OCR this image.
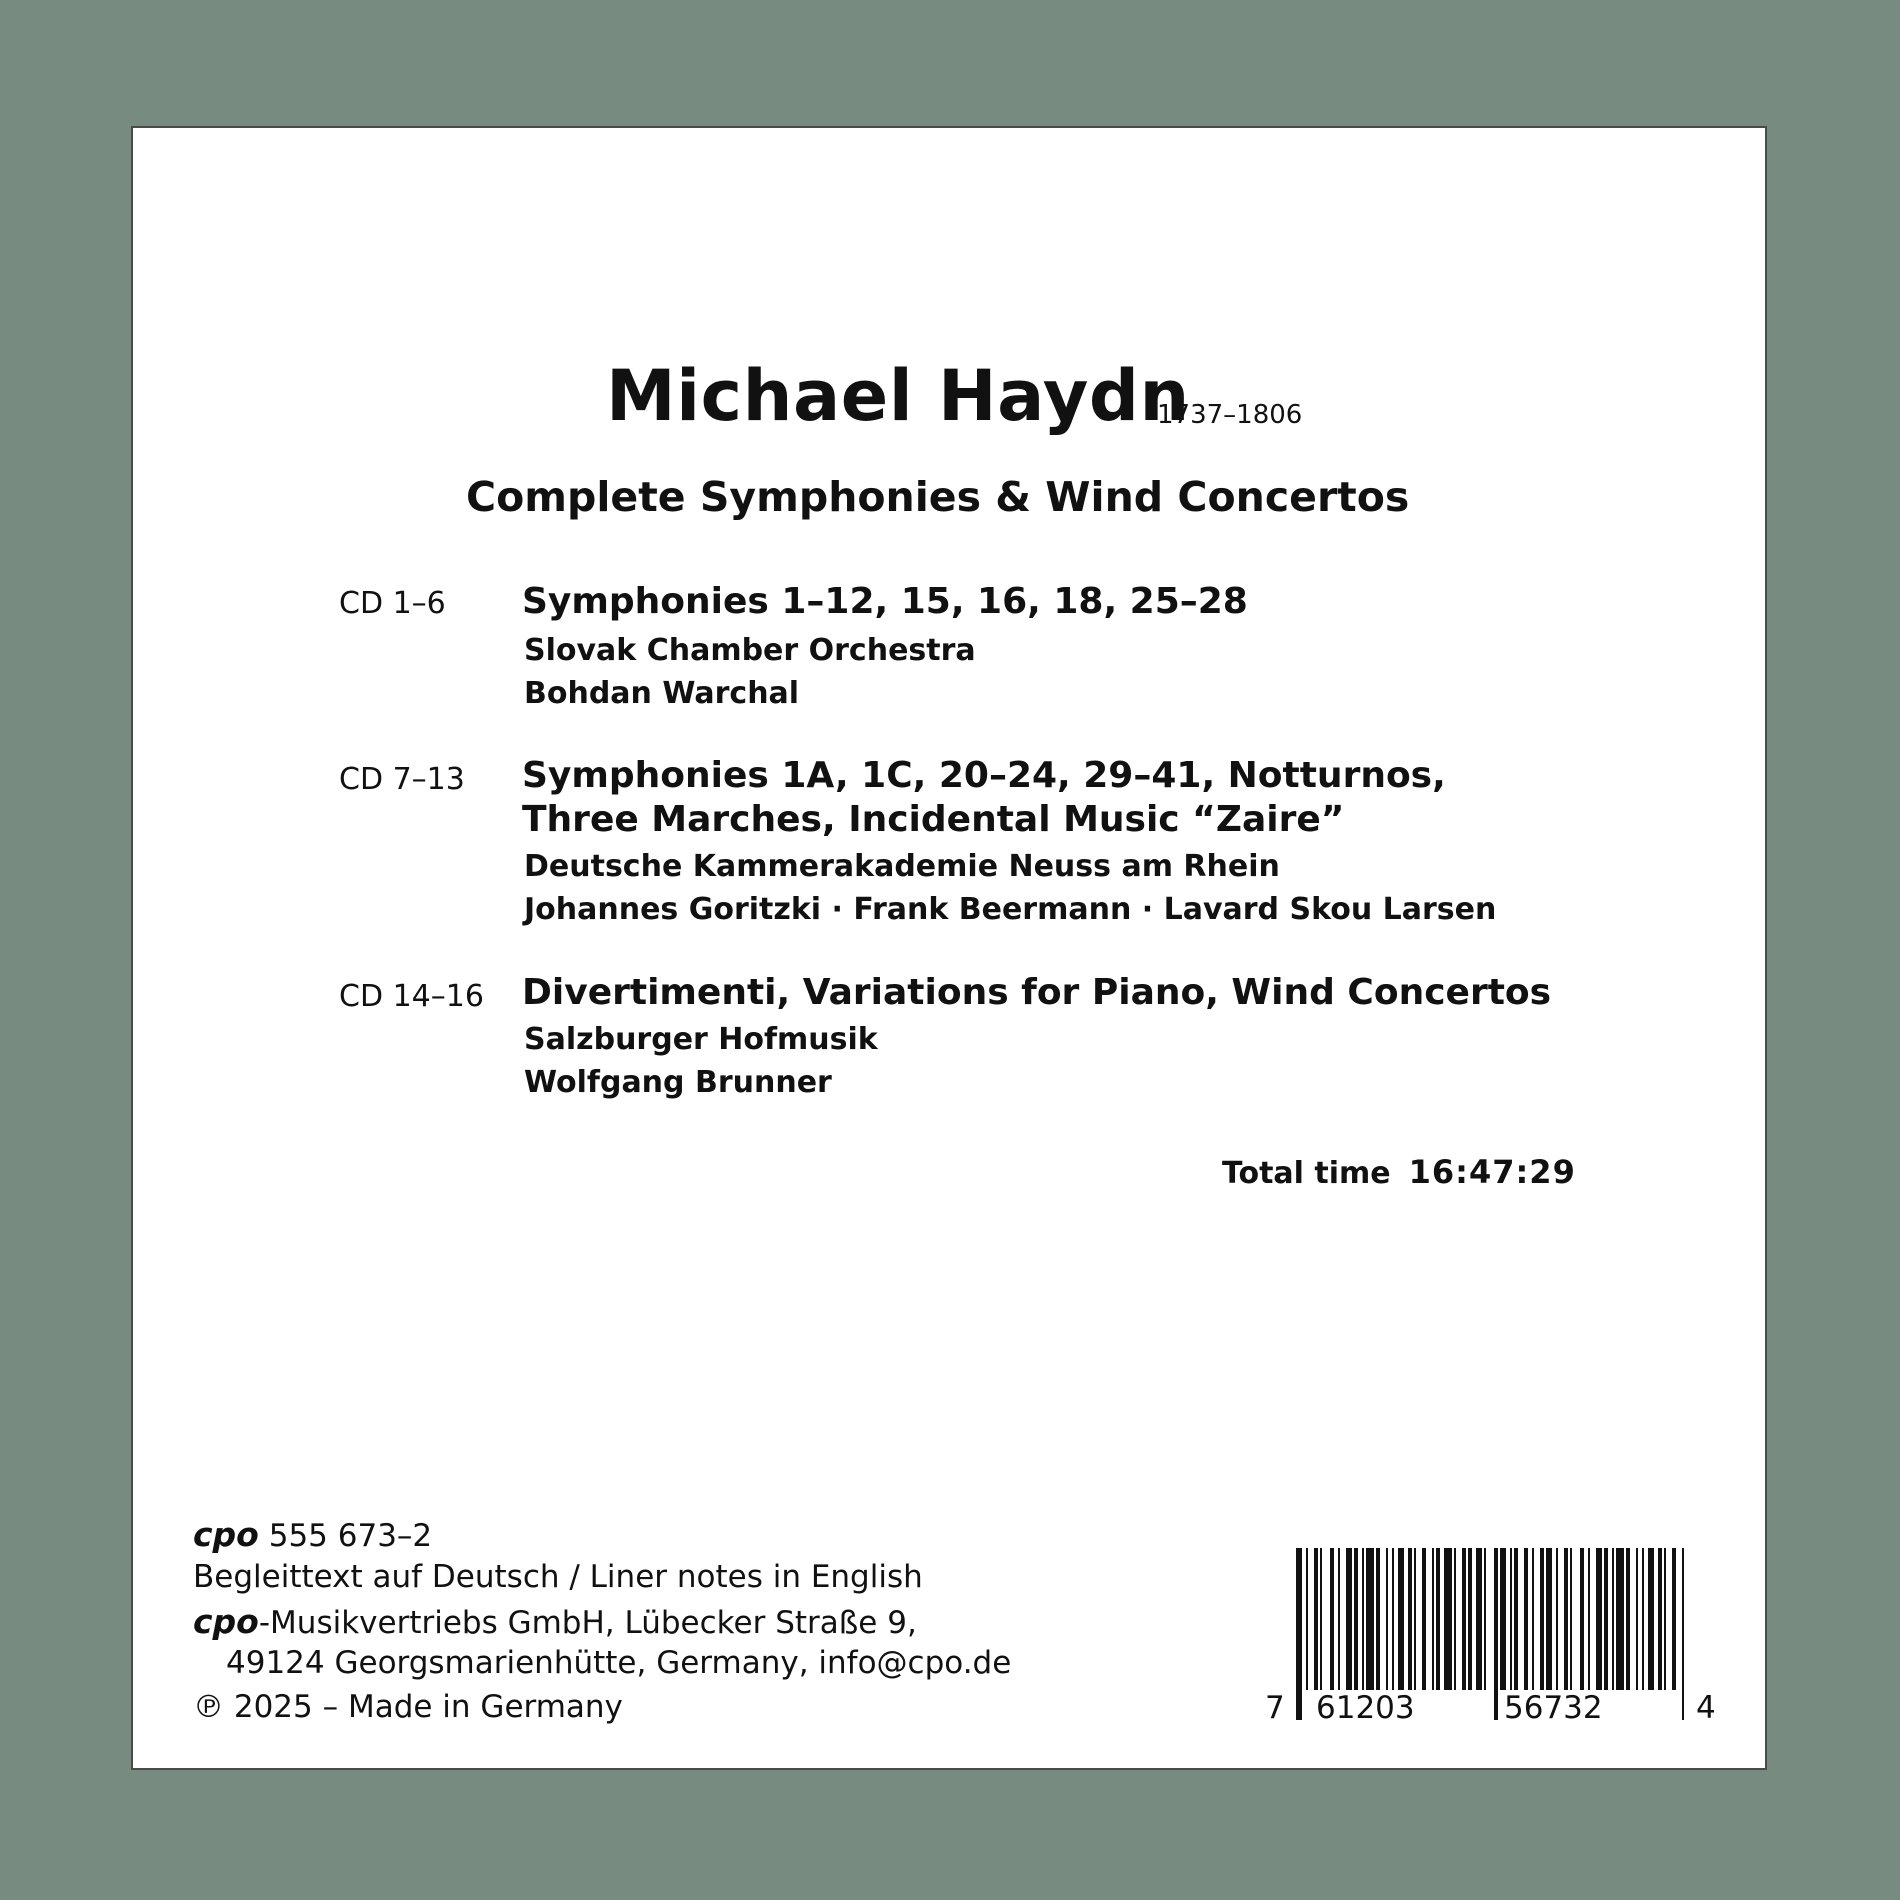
Michael Haydn
1737–1806
Complete Symphonies & Wind Concertos
CD 1–6 Symphonies 1–12, 15, 16, 18, 25–28
Slovak Chamber Orchestra
Bohdan Warchal
CD 7–13 Symphonies 1A, 1C, 20–24, 29–41, Notturnos,
Three Marches, Incidental Music “Zaire”
Deutsche Kammerakademie Neuss am Rhein
Johannes Goritzki · Frank Beermann · Lavard Skou Larsen
CD 14–16 Divertimenti, Variations for Piano, Wind Concertos
Salzburger Hofmusik
Wolfgang Brunner
Total time 16:47:29
cpo 555 673–2
Begleittext auf Deutsch / Liner notes in English
cpo-Musikvertriebs GmbH, Lübecker Straße 9,
49124 Georgsmarienhütte, Germany, info@cpo.de
℗ 2025 – Made in Germany	7 61203	56732	4
